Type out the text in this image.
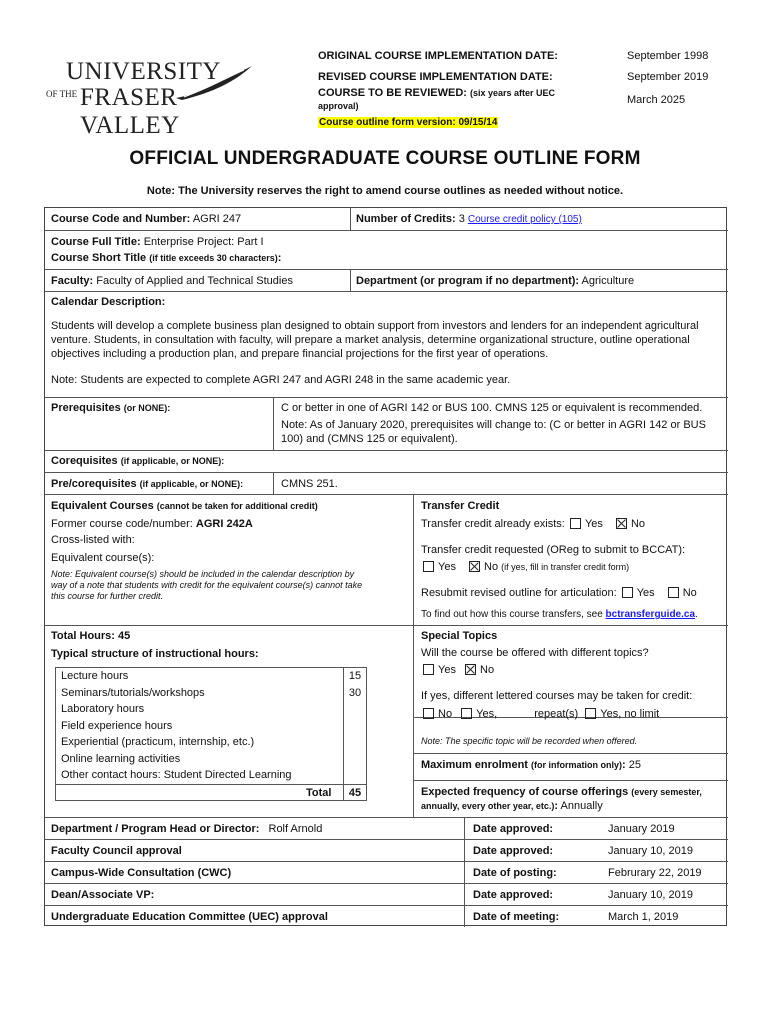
UNIVERSITY
OF THE FRASER VALLEY
ORIGINAL COURSE IMPLEMENTATION DATE:	September 1998
REVISED COURSE IMPLEMENTATION DATE:	September 2019
COURSE TO BE REVIEWED: (six years after UEC
approval)	March 2025
Course outline form version: 09/15/14
OFFICIAL UNDERGRADUATE COURSE OUTLINE FORM
Note: The University reserves the right to amend course outlines as needed without notice.
Course Code and Number: AGRI 247	Number of Credits: 3 Course credit policy (105)
Course Full Title: Enterprise Project: Part I
Course Short Title (if title exceeds 30 characters):
Faculty: Faculty of Applied and Technical Studies	Department (or program if no department): Agriculture
Calendar Description:
Students will develop a complete business plan designed to obtain support from investors and lenders for an independent agricultural
venture. Students, in consultation with faculty, will prepare a market analysis, determine organizational structure, outline operational
objectives including a production plan, and prepare financial projections for the first year of operations.
Note: Students are expected to complete AGRI 247 and AGRI 248 in the same academic year.
Prerequisites (or NONE):	C or better in one of AGRI 142 or BUS 100. CMNS 125 or equivalent is recommended.
Note: As of January 2020, prerequisites will change to: (C or better in AGRI 142 or BUS
100) and (CMNS 125 or equivalent).
Corequisites (if applicable, or NONE):
Pre/corequisites (if applicable, or NONE):	CMNS 251.
Equivalent Courses (cannot be taken for additional credit)
Former course code/number: AGRI 242A
Cross-listed with:
Equivalent course(s):
Note: Equivalent course(s) should be included in the calendar description by
way of a note that students with credit for the equivalent course(s) cannot take
this course for further credit.
Transfer Credit
Transfer credit already exists: Yes	No
Transfer credit requested (OReg to submit to BCCAT):
Yes	No (if yes, fill in transfer credit form)
Resubmit revised outline for articulation: Yes	No
To find out how this course transfers, see bctransferguide.ca.
Total Hours: 45
Typical structure of instructional hours:
Lecture hours	15
Seminars/tutorials/workshops	30
Laboratory hours
Field experience hours
Experiential (practicum, internship, etc.)
Online learning activities
Other contact hours: Student Directed Learning
Total	45
Special Topics
Will the course be offered with different topics?
Yes No
If yes, different lettered courses may be taken for credit:
No Yes,	repeat(s) Yes, no limit
Note: The specific topic will be recorded when offered.
Maximum enrolment (for information only): 25
Expected frequency of course offerings (every semester,
annually, every other year, etc.): Annually
Department / Program Head or Director: Rolf Arnold	Date approved:	January 2019
Faculty Council approval	Date approved:	January 10, 2019
Campus-Wide Consultation (CWC)	Date of posting:	Februrary 22, 2019
Dean/Associate VP:	Date approved:	January 10, 2019
Undergraduate Education Committee (UEC) approval	Date of meeting:	March 1, 2019
